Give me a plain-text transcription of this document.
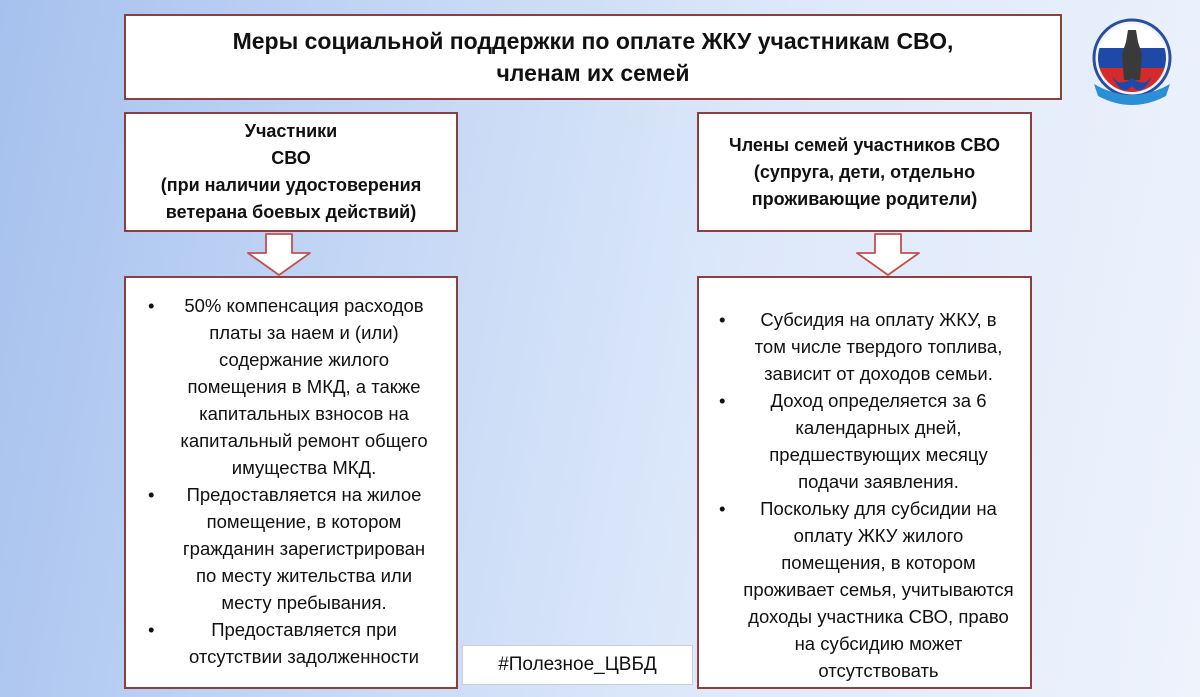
Меры социальной поддержки по оплате ЖКУ участникам СВО,
членам их семей
Участники
СВО
(при наличии удостоверения
ветерана боевых действий)
Члены семей участников СВО
(супруга, дети, отдельно
проживающие родители)
• 50% компенсация расходов платы за наем и (или) содержание жилого помещения в МКД, а также капитальных взносов на капитальный ремонт общего имущества МКД.
• Предоставляется на жилое помещение, в котором гражданин зарегистрирован по месту жительства или месту пребывания.
• Предоставляется при отсутствии задолженности
• Субсидия на оплату ЖКУ, в том числе твердого топлива, зависит от доходов семьи.
• Доход определяется за 6 календарных дней, предшествующих месяцу подачи заявления.
• Поскольку для субсидии на оплату ЖКУ жилого помещения, в котором проживает семья, учитываются доходы участника СВО, право на субсидию может отсутствовать
#Полезное_ЦВБД
